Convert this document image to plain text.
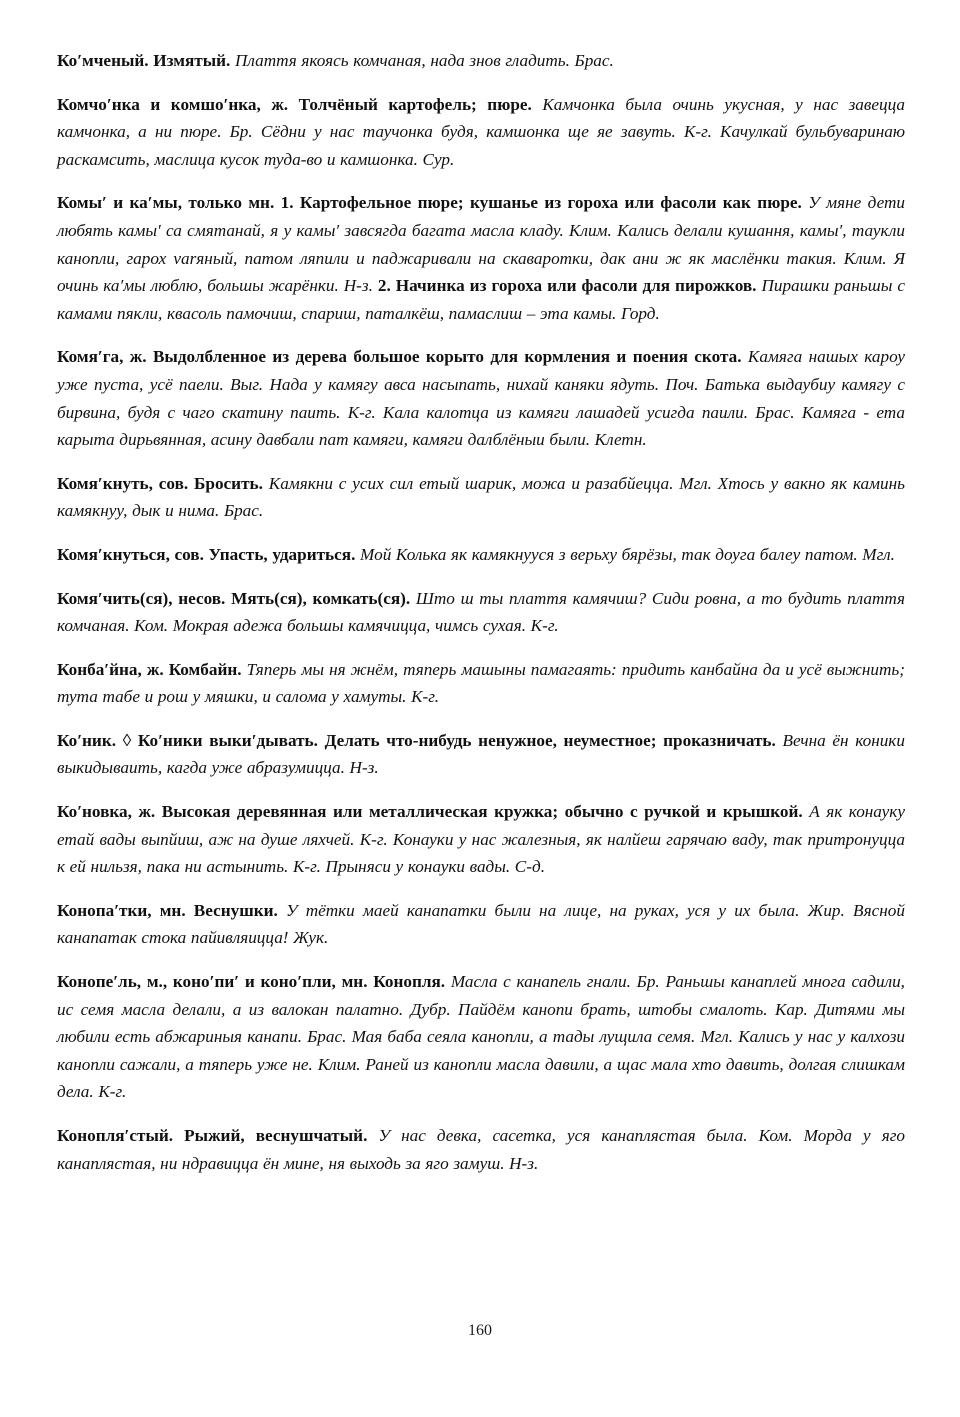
Ко′мченый. Измятый. Плаття якоясь комчаная, нада знов гладить. Брас.

Комчо′нка и комшо′нка, ж. Толчёный картофель; пюре. Камчонка была очинь укусная, у нас завецца камчонка, а ни пюре. Бр. Сёдни у нас таучонка будя, камшонка ще яе завуть. К-г. Качулкай бульбуваринаю раскамсить, маслица кусок туда-во и камшонка. Сур.

Комы′ и ка′мы, только мн. 1. Картофельное пюре; кушанье из гороха или фасоли как пюре. У мяне дети любять камы′ са смятанай, я у камы′ завсягда багата масла кладу. Клим. Кались делали кушання, камы′, таукли канопли, гарох varяный, патом ляпили и паджаривали на скаваротки, дак ани ж як маслёнки такия. Клим. Я очинь ка′мы люблю, большы жарёнки. Н-з. 2. Начинка из гороха или фасоли для пирожков. Пирашки раньшы с камами пякли, квасоль памочиш, спариш, паталкёш, памаслиш – эта камы. Горд.

Комя′га, ж. Выдолбленное из дерева большое корыто для кормления и поения скота. Камяга нашых кароу уже пуста, усё паели. Выг. Нада у камягу авса насыпать, нихай каняки ядуть. Поч. Батька выдаубиу камягу с бирвина, будя с чаго скатину паить. К-г. Кала калотца из камяги лашадей усигда паили. Брас. Камяга - ета карыта дирьвянная, асину давбали пат камяги, камяги далблёныи были. Клетн.

Комя′кнуть, сов. Бросить. Камякни с усих сил етый шарик, можа и разабйецца. Мгл. Хтось у вакно як каминь камякнуу, дык и нима. Брас.

Комя′кнуться, сов. Упасть, удариться. Мой Колька як камякнууся з верьху бярёзы, так доуга балеу патом. Мгл.

Комя′чить(ся), несов. Мять(ся), комкать(ся). Што ш ты плаття камячиш? Сиди ровна, а то будить плаття комчаная. Ком. Мокрая адежа большы камячицца, чимсь сухая. К-г.

Конба′йна, ж. Комбайн. Тяперь мы ня жнём, тяперь машыны памагаять: придить канбайна да и усё выжнить; тута табе и рош у мяшки, и салома у хамуты. К-г.

Ко′ник. ◊ Ко′ники выки′дывать. Делать что-нибудь ненужное, неуместное; проказничать. Вечна ён коники выкидываить, кагда уже абразумицца. Н-з.

Ко′новка, ж. Высокая деревянная или металлическая кружка; обычно с ручкой и крышкой. А як конауку етай вады выпйиш, аж на душе ляхчей. К-г. Конауки у нас жалезныя, як налйеш гарячаю ваду, так притронуцца к ей нильзя, пака ни астынить. К-г. Прыняси у конауки вады. С-д.

Конопа′тки, мн. Веснушки. У тётки маей канапатки были на лице, на руках, уся у их была. Жир. Вясной канапатак стока пайивляицца! Жук.

Конопе′ль, м., коно′пи′ и коно′пли, мн. Конопля. Масла с канапель гнали. Бр. Раньшы канаплей многа садили, ис семя масла делали, а из валокан палатно. Дубр. Пайдём канопи брать, штобы смалоть. Кар. Дитями мы любили есть абжариныя канапи. Брас. Мая баба сеяла канопли, а тады лущила семя. Мгл. Кались у нас у калхози канопли сажали, а тяперь уже не. Клим. Раней из канопли масла давили, а щас мала хто давить, долгая слишкам дела. К-г.

Конопля′стый. Рыжий, веснушчатый. У нас девка, сасетка, уся канаплястая была. Ком. Морда у яго канаплястая, ни ндравицца ён мине, ня выходь за яго замуш. Н-з.

160
